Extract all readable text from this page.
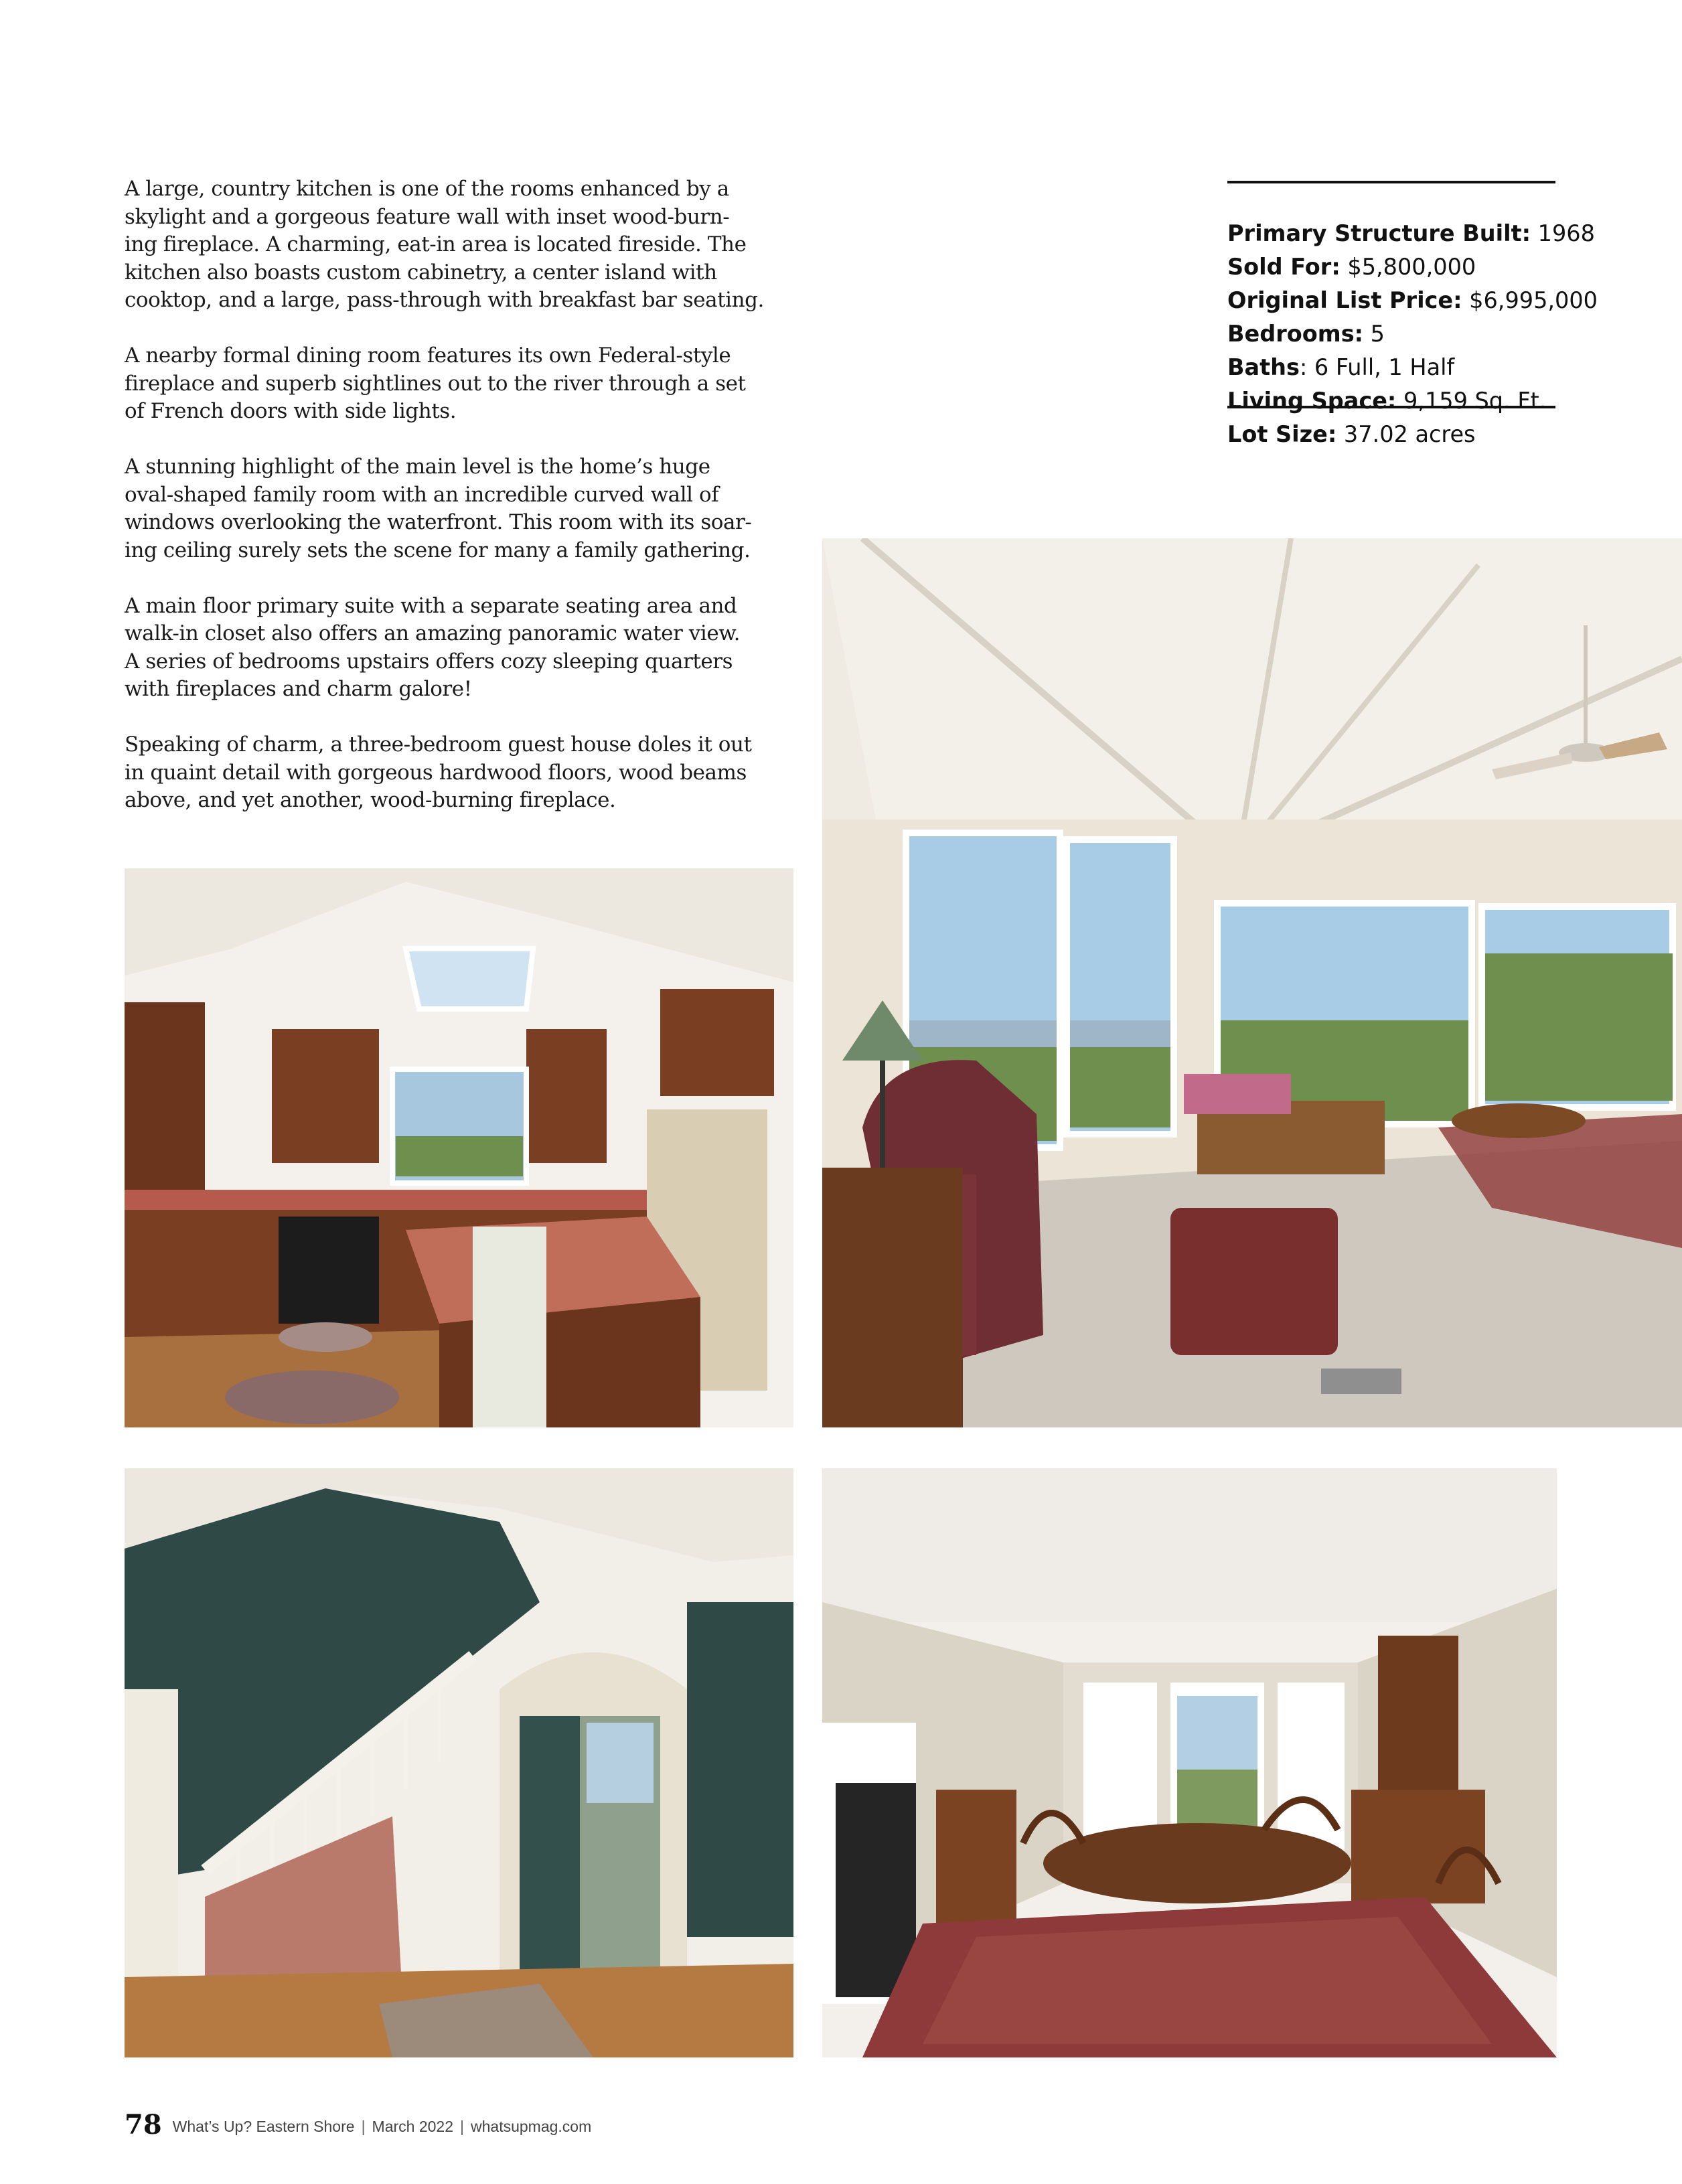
A large, country kitchen is one of the rooms enhanced by a
skylight and a gorgeous feature wall with inset wood-burn-
ing fireplace. A charming, eat-in area is located fireside. The
kitchen also boasts custom cabinetry, a center island with
cooktop, and a large, pass-through with breakfast bar seating.

A nearby formal dining room features its own Federal-style
fireplace and superb sightlines out to the river through a set
of French doors with side lights.

A stunning highlight of the main level is the home’s huge
oval-shaped family room with an incredible curved wall of
windows overlooking the waterfront. This room with its soar-
ing ceiling surely sets the scene for many a family gathering.

A main floor primary suite with a separate seating area and
walk-in closet also offers an amazing panoramic water view.
A series of bedrooms upstairs offers cozy sleeping quarters
with fireplaces and charm galore!

Speaking of charm, a three-bedroom guest house doles it out
in quaint detail with gorgeous hardwood floors, wood beams
above, and yet another, wood-burning fireplace.

Primary Structure Built: 1968
Sold For: $5,800,000
Original List Price: $6,995,000
Bedrooms: 5
Baths: 6 Full, 1 Half
Living Space: 9,159 Sq. Ft.
Lot Size: 37.02 acres
78 What’s Up? Eastern Shore | March 2022 | whatsupmag.com
